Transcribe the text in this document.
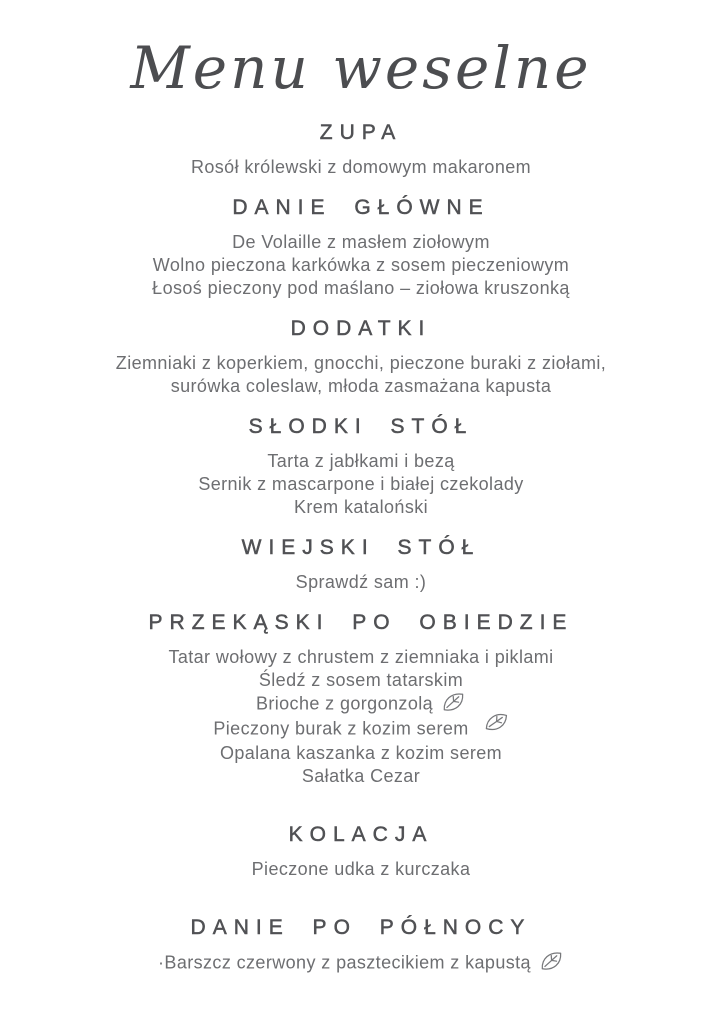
Menu weselne
ZUPA

Rosół królewski z domowym makaronem

DANIE GŁÓWNE

De Volaille z masłem ziołowym

Wolno pieczona karkówka z sosem pieczeniowym

Łosoś pieczony pod maślano – ziołowa kruszonką

DODATKI

Ziemniaki z koperkiem, gnocchi, pieczone buraki z ziołami,

surówka coleslaw, młoda zasmażana kapusta

SŁODKI STÓŁ

Tarta z jabłkami i bezą

Sernik z mascarpone i białej czekolady

Krem kataloński

WIEJSKI STÓŁ

Sprawdź sam :)

PRZEKĄSKI PO OBIEDZIE

Tatar wołowy z chrustem z ziemniaka i piklami

Śledź z sosem tatarskim

Brioche z gorgonzolą

Pieczony burak z kozim serem

Opalana kaszanka z kozim serem

Sałatka Cezar

KOLACJA

Pieczone udka z kurczaka

DANIE PO PÓŁNOCY

·Barszcz czerwony z pasztecikiem z kapustą
